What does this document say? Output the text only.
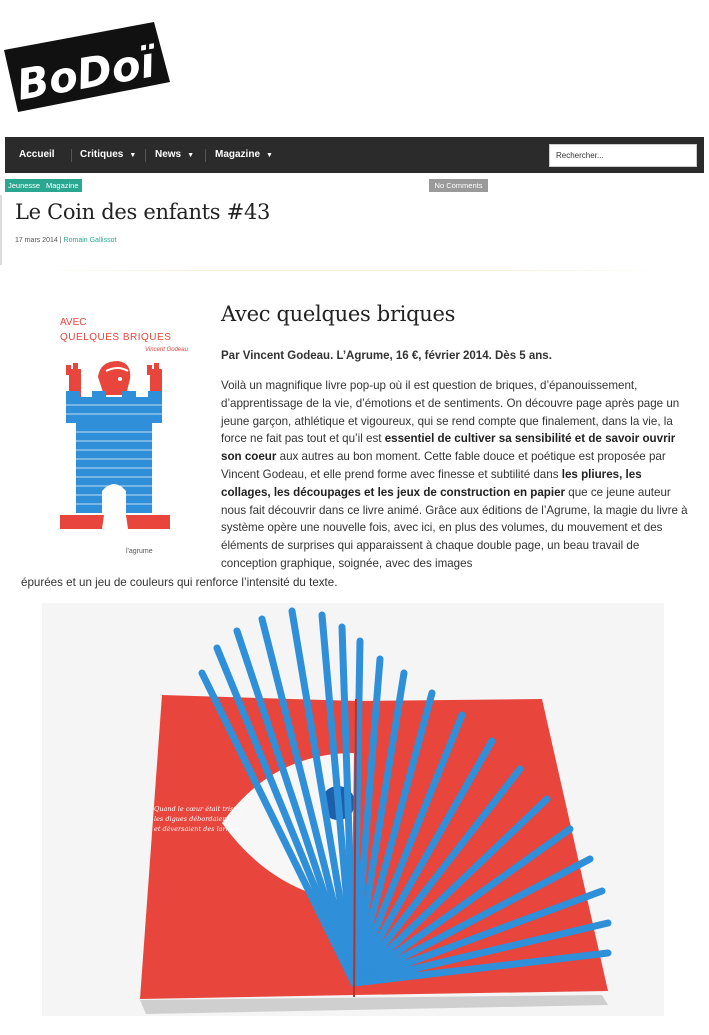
BoDoï
Accueil	Critiques ▼ News ▼ Magazine ▼
Rechercher...
Jeunesse Magazine	No Comments
Le Coin des enfants #43
17 mars 2014 | Romain Gallissot
AVEC
QUELQUES BRIQUES
Vincent Godeau
l'agrume
Avec quelques briques
Par Vincent Godeau. L’Agrume, 16 €, février 2014. Dès 5 ans.

Voilà un magnifique livre pop-up où il est question de briques, d’épanouissement, d’apprentissage de la vie, d’émotions et de sentiments. On découvre page après page un jeune garçon, athlétique et vigoureux, qui se rend compte que finalement, dans la vie, la force ne fait pas tout et qu’il est essentiel de cultiver sa sensibilité et de savoir ouvrir son coeur aux autres au bon moment. Cette fable douce et poétique est proposée par Vincent Godeau, et elle prend forme avec finesse et subtilité dans les pliures, les collages, les découpages et les jeux de construction en papier que ce jeune auteur nous fait découvrir dans ce livre animé. Grâce aux éditions de l’Agrume, la magie du livre à système opère une nouvelle fois, avec ici, en plus des volumes, du mouvement et des éléments de surprises qui apparaissent à chaque double page, un beau travail de conception graphique, soignée, avec des images

épurées et un jeu de couleurs qui renforce l’intensité du texte.

Quand le cœur était triste,
les digues débordaient
et déversaient des larmes.
